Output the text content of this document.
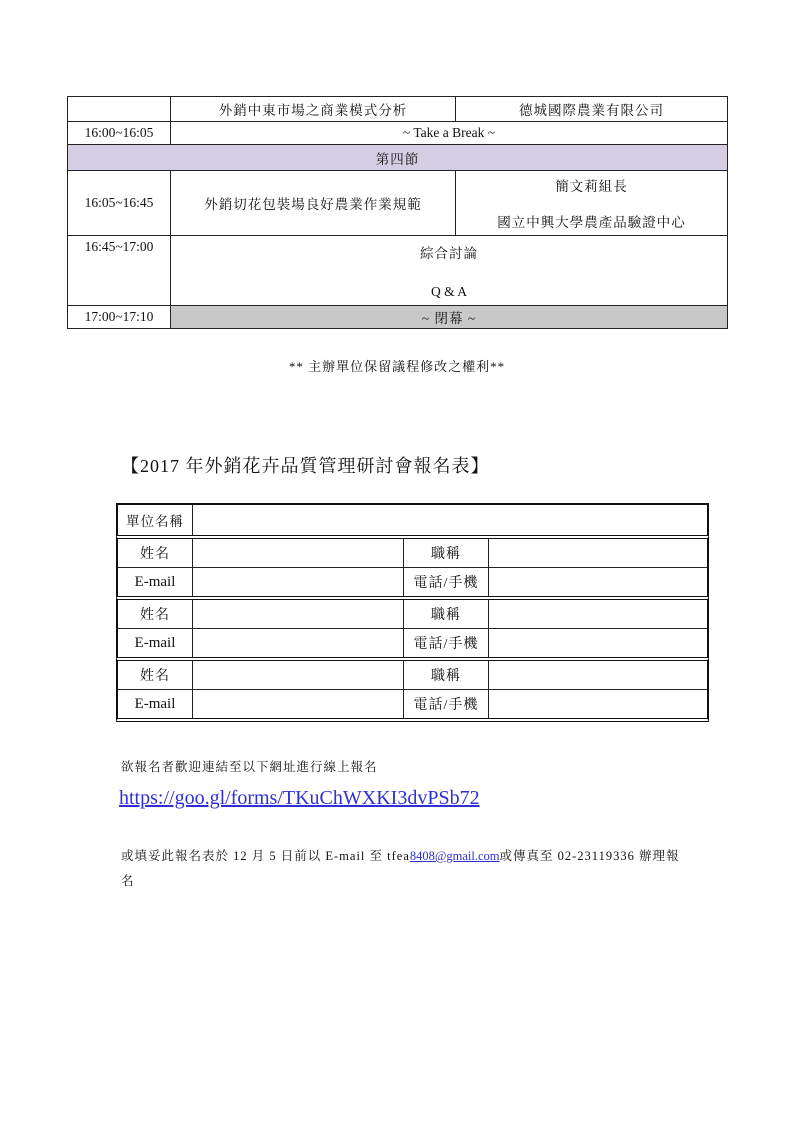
	外銷中東市場之商業模式分析	德城國際農業有限公司
16:00~16:05	~ Take a Break ~	
第四節		
16:05~16:45	外銷切花包裝場良好農業作業規範	簡文莉組長
國立中興大學農產品驗證中心

16:45~17:00	綜合討論
Q & A	

17:00~17:10	~ 閉幕 ~	
** 主辦單位保留議程修改之權利**
【2017 年外銷花卉品質管理研討會報名表】
單位名稱
姓名	職稱
E-mail	電話/手機
姓名	職稱
E-mail	電話/手機
姓名	職稱
E-mail	電話/手機
欲報名者歡迎連結至以下網址進行線上報名
https://goo.gl/forms/TKuChWXKI3dvPSb72
或填妥此報名表於 12 月 5 日前以 E-mail 至 tfea8408@gmail.com或傳真至 02-23119336 辦理報名
